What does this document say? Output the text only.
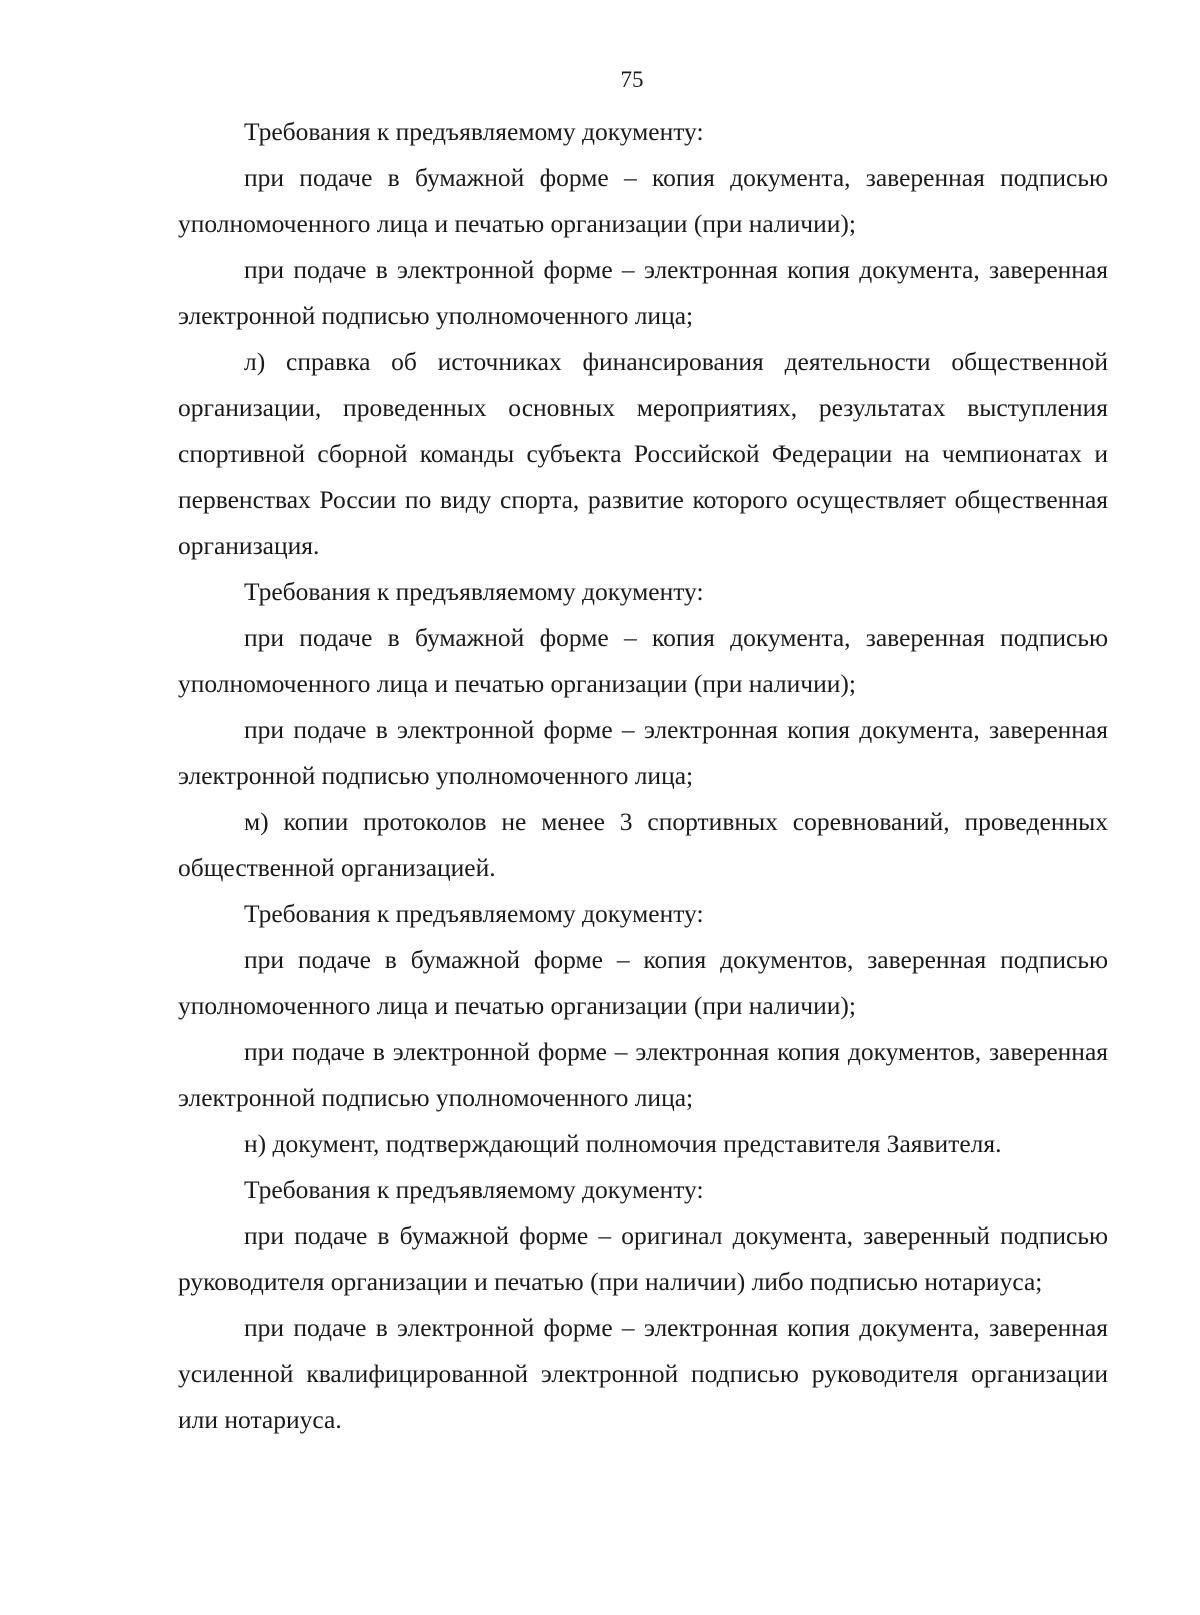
75

Требования к предъявляемому документу:

при подаче в бумажной форме – копия документа, заверенная подписью уполномоченного лица и печатью организации (при наличии);

при подаче в электронной форме – электронная копия документа, заверенная электронной подписью уполномоченного лица;

л) справка об источниках финансирования деятельности общественной организации, проведенных основных мероприятиях, результатах выступления спортивной сборной команды субъекта Российской Федерации на чемпионатах и первенствах России по виду спорта, развитие которого осуществляет общественная организация.

Требования к предъявляемому документу:

при подаче в бумажной форме – копия документа, заверенная подписью уполномоченного лица и печатью организации (при наличии);

при подаче в электронной форме – электронная копия документа, заверенная электронной подписью уполномоченного лица;

м) копии протоколов не менее 3 спортивных соревнований, проведенных общественной организацией.

Требования к предъявляемому документу:

при подаче в бумажной форме – копия документов, заверенная подписью уполномоченного лица и печатью организации (при наличии);

при подаче в электронной форме – электронная копия документов, заверенная электронной подписью уполномоченного лица;

н) документ, подтверждающий полномочия представителя Заявителя.

Требования к предъявляемому документу:

при подаче в бумажной форме – оригинал документа, заверенный подписью руководителя организации и печатью (при наличии) либо подписью нотариуса;

при подаче в электронной форме – электронная копия документа, заверенная усиленной квалифицированной электронной подписью руководителя организации или нотариуса.
